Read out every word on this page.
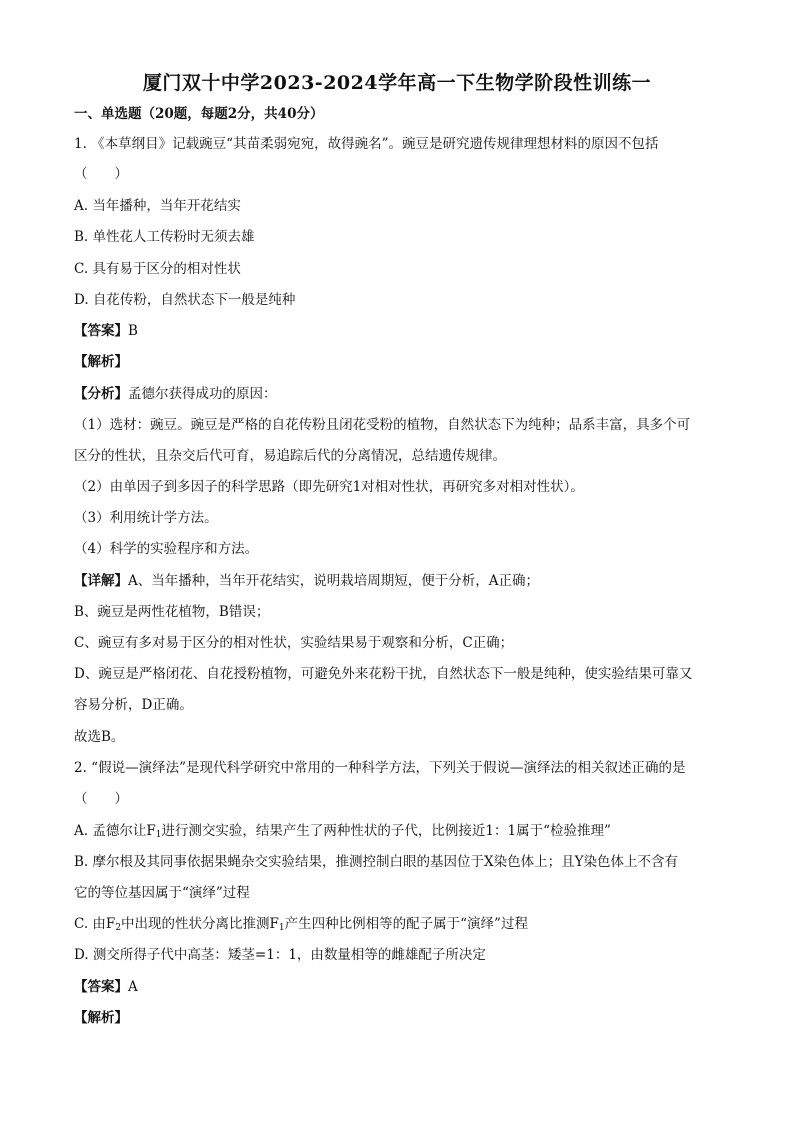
厦门双十中学2023-2024学年高一下生物学阶段性训练一
一、单选题（20题，每题2分，共40分）
1. 《本草纲目》记载豌豆“其苗柔弱宛宛，故得豌名”。豌豆是研究遗传规律理想材料的原因不包括
（　　）
A. 当年播种，当年开花结实
B. 单性花人工传粉时无须去雄
C. 具有易于区分的相对性状
D. 自花传粉，自然状态下一般是纯种
【答案】B
【解析】
【分析】孟德尔获得成功的原因：
（1）选材：豌豆。豌豆是严格的自花传粉且闭花受粉的植物，自然状态下为纯种；品系丰富，具多个可
区分的性状，且杂交后代可育，易追踪后代的分离情况，总结遗传规律。
（2）由单因子到多因子的科学思路（即先研究1对相对性状，再研究多对相对性状）。
（3）利用统计学方法。
（4）科学的实验程序和方法。
【详解】A、当年播种，当年开花结实，说明栽培周期短，便于分析，A正确；
B、豌豆是两性花植物，B错误；
C、豌豆有多对易于区分的相对性状，实验结果易于观察和分析，C正确；
D、豌豆是严格闭花、自花授粉植物，可避免外来花粉干扰，自然状态下一般是纯种，使实验结果可靠又
容易分析，D正确。
故选B。
2. “假说—演绎法”是现代科学研究中常用的一种科学方法，下列关于假说—演绎法的相关叙述正确的是
（　　）
A. 孟德尔让$F_1$进行测交实验，结果产生了两种性状的子代，比例接近1：1属于“检验推理”
B. 摩尔根及其同事依据果蝇杂交实验结果，推测控制白眼的基因位于X染色体上；且Y染色体上不含有
它的等位基因属于“演绎”过程
C. 由$F_2$中出现的性状分离比推测$F_1$产生四种比例相等的配子属于“演绎”过程
D. 测交所得子代中高茎：矮茎=1：1，由数量相等的雌雄配子所决定
【答案】A
【解析】
